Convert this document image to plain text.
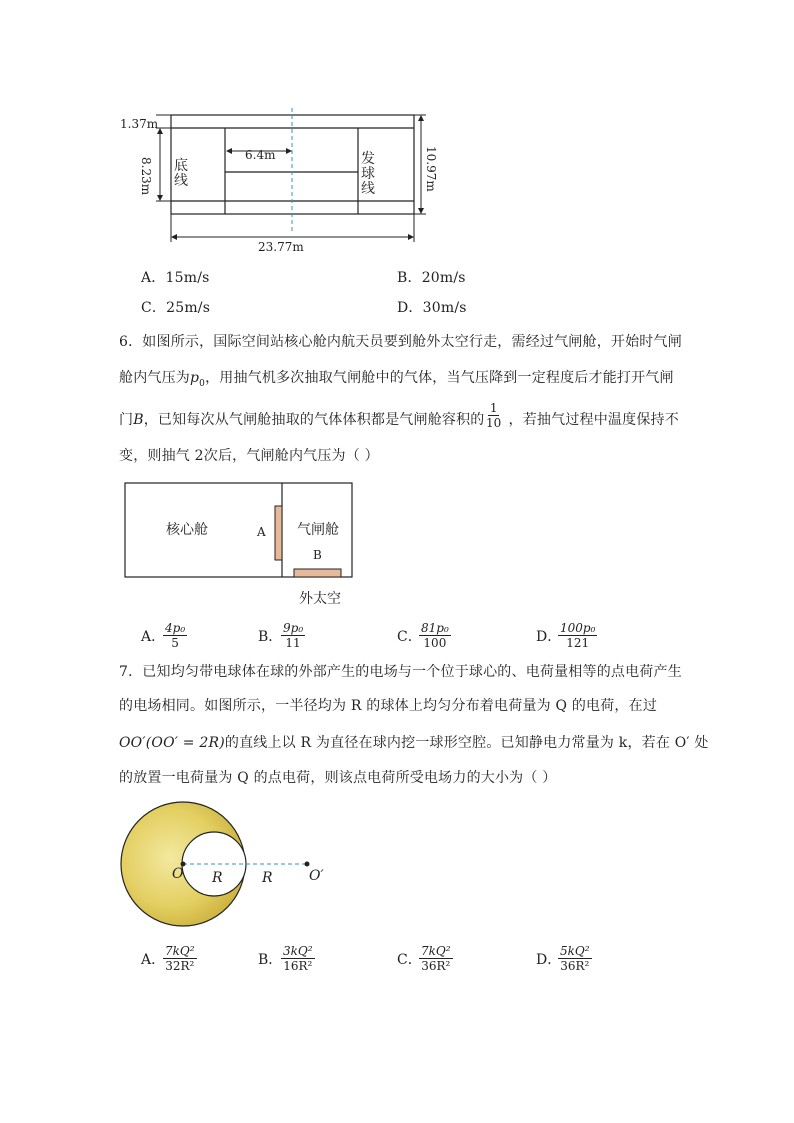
1.37m
8.23m
6.4m	10.97m
23.77m
底
线
发
球
线
A．15m/s	B．20m/s
C．25m/s	D．30m/s
6．如图所示，国际空间站核心舱内航天员要到舱外太空行走，需经过气闸舱，开始时气闸
舱内气压为$p_0$，用抽气机多次抽取气闸舱中的气体，当气压降到一定程度后才能打开气闸
门B，已知每次从气闸舱抽取的气体体积都是气闸舱容积的 ，若抽气过程中温度保持不
$\frac{1}{10}$
变，则抽气 2次后，气闸舱内气压为（ ）
核心舱	A 气闸舱
B
外太空
A．
$\frac{\text{4p₀}}{5}$	B．
$\frac{\text{9p₀}}{11}$	C．
$\frac{\text{81p₀}}{100}$	D．
$\frac{\text{100p₀}}{121}$
7．已知均匀带电球体在球的外部产生的电场与一个位于球心的、电荷量相等的点电荷产生
的电场相同。如图所示，一半径均为 R 的球体上均匀分布着电荷量为 Q 的电荷，在过
OO′(OO′ = 2R)的直线上以 R 为直径在球内挖一球形空腔。已知静电力常量为 k，若在 O′ 处
的放置一电荷量为 Q 的点电荷，则该点电荷所受电场力的大小为（ ）
O R	R	O′
A．
$\frac{\text{7kQ²}}{\text{32R²}}$	B．
$\frac{\text{3kQ²}}{\text{16R²}}$	C．
$\frac{\text{7kQ²}}{\text{36R²}}$	D．
$\frac{\text{5kQ²}}{\text{36R²}}$
